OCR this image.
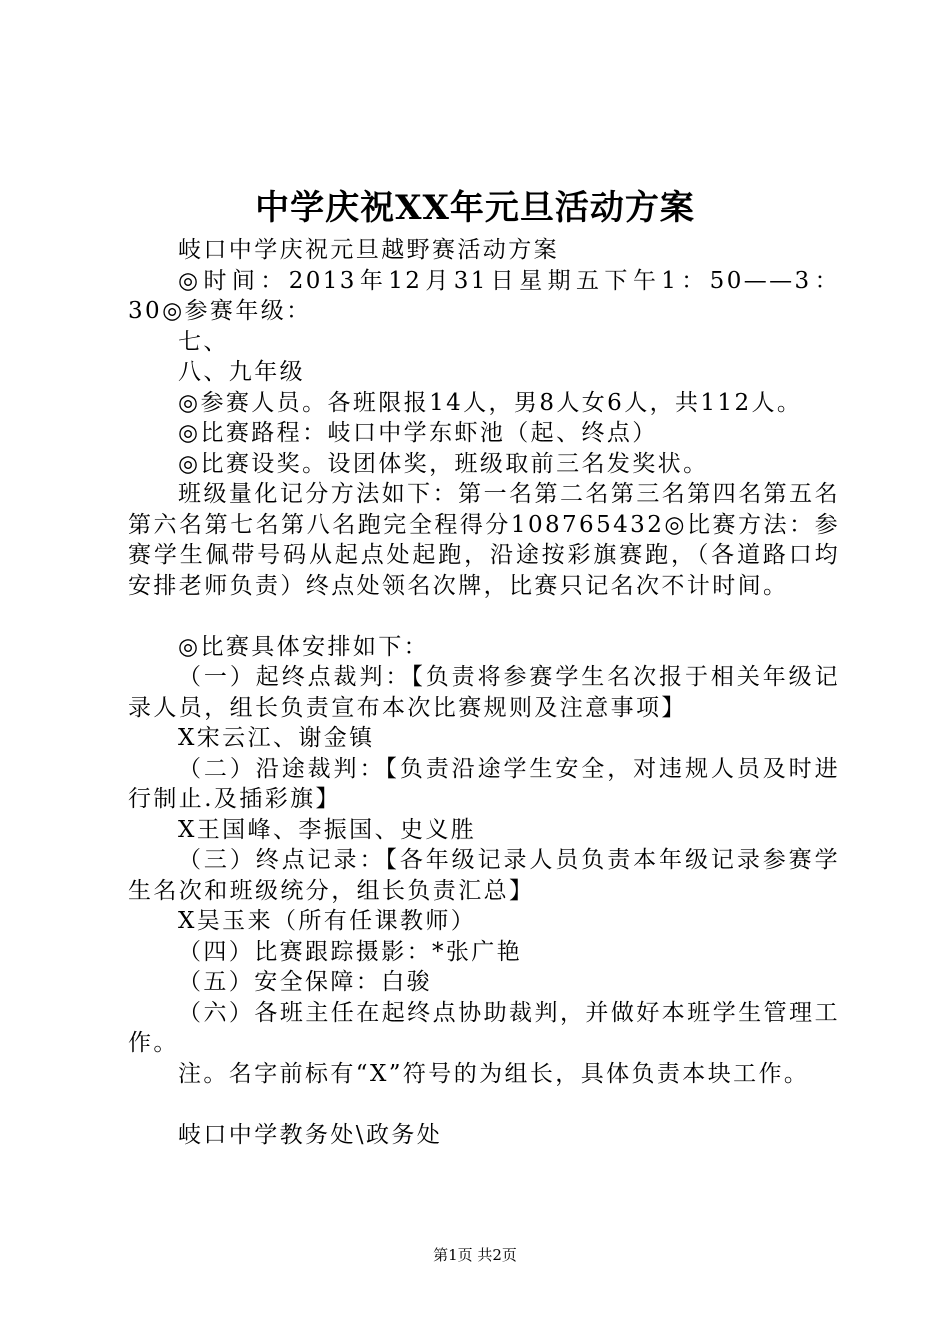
中学庆祝XX年元旦活动方案

岐口中学庆祝元旦越野赛活动方案

◎时间：2013年12月31日星期五下午1：50——3：30◎参赛年级：

七、

八、九年级

◎参赛人员。各班限报14人，男8人女6人，共112人。

◎比赛路程：岐口中学东虾池（起、终点）

◎比赛设奖。设团体奖，班级取前三名发奖状。

班级量化记分方法如下：第一名第二名第三名第四名第五名第六名第七名第八名跑完全程得分108765432◎比赛方法：参赛学生佩带号码从起点处起跑，沿途按彩旗赛跑，（各道路口均安排老师负责）终点处领名次牌，比赛只记名次不计时间。

◎比赛具体安排如下：

（一）起终点裁判：【负责将参赛学生名次报于相关年级记录人员，组长负责宣布本次比赛规则及注意事项】

X宋云江、谢金镇

（二）沿途裁判：【负责沿途学生安全，对违规人员及时进行制止.及插彩旗】

X王国峰、李振国、史义胜

（三）终点记录：【各年级记录人员负责本年级记录参赛学生名次和班级统分，组长负责汇总】

X吴玉来（所有任课教师）

（四）比赛跟踪摄影：*张广艳

（五）安全保障：白骏

（六）各班主任在起终点协助裁判，并做好本班学生管理工作。

注。名字前标有“X”符号的为组长，具体负责本块工作。

岐口中学教务处\政务处

第1页 共2页
